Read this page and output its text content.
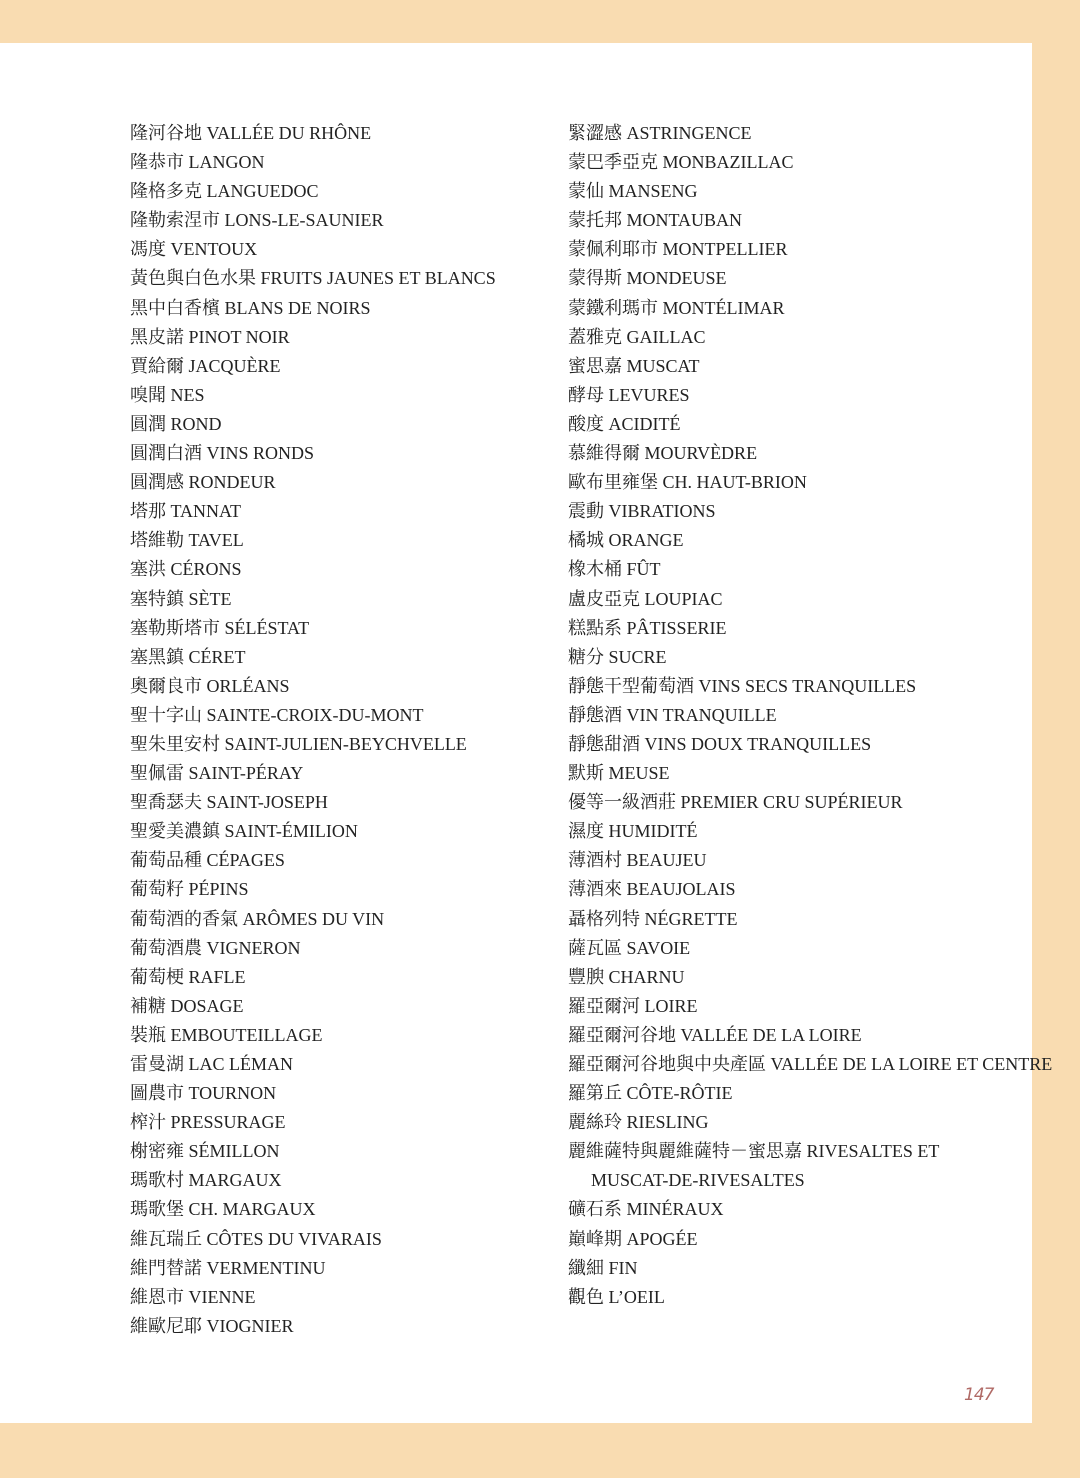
隆河谷地 VALLÉE DU RHÔNE
隆恭市 LANGON
隆格多克 LANGUEDOC
隆勒索涅市 LONS-LE-SAUNIER
馮度 VENTOUX
黃色與白色水果 FRUITS JAUNES ET BLANCS
黑中白香檳 BLANS DE NOIRS
黑皮諾 PINOT NOIR
賈給爾 JACQUÈRE
嗅聞 NES
圓潤 ROND
圓潤白酒 VINS RONDS
圓潤感 RONDEUR
塔那 TANNAT
塔維勒 TAVEL
塞洪 CÉRONS
塞特鎮 SÈTE
塞勒斯塔市 SÉLÉSTAT
塞黑鎮 CÉRET
奧爾良市 ORLÉANS
聖十字山 SAINTE-CROIX-DU-MONT
聖朱里安村 SAINT-JULIEN-BEYCHVELLE
聖佩雷 SAINT-PÉRAY
聖喬瑟夫 SAINT-JOSEPH
聖愛美濃鎮 SAINT-ÉMILION
葡萄品種 CÉPAGES
葡萄籽 PÉPINS
葡萄酒的香氣 ARÔMES DU VIN
葡萄酒農 VIGNERON
葡萄梗 RAFLE
補糖 DOSAGE
裝瓶 EMBOUTEILLAGE
雷曼湖 LAC LÉMAN
圖農市 TOURNON
榨汁 PRESSURAGE
榭密雍 SÉMILLON
瑪歌村 MARGAUX
瑪歌堡 CH. MARGAUX
維瓦瑞丘 CÔTES DU VIVARAIS
維門替諾 VERMENTINU
維恩市 VIENNE
維歐尼耶 VIOGNIER
緊澀感 ASTRINGENCE
蒙巴季亞克 MONBAZILLAC
蒙仙 MANSENG
蒙托邦 MONTAUBAN
蒙佩利耶市 MONTPELLIER
蒙得斯 MONDEUSE
蒙鐵利瑪市 MONTÉLIMAR
蓋雅克 GAILLAC
蜜思嘉 MUSCAT
酵母 LEVURES
酸度 ACIDITÉ
慕維得爾 MOURVÈDRE
歐布里雍堡 CH. HAUT-BRION
震動 VIBRATIONS
橘城 ORANGE
橡木桶 FÛT
盧皮亞克 LOUPIAC
糕點系 PÂTISSERIE
糖分 SUCRE
靜態干型葡萄酒 VINS SECS TRANQUILLES
靜態酒 VIN TRANQUILLE
靜態甜酒 VINS DOUX TRANQUILLES
默斯 MEUSE
優等一級酒莊 PREMIER CRU SUPÉRIEUR
濕度 HUMIDITÉ
薄酒村 BEAUJEU
薄酒來 BEAUJOLAIS
聶格列特 NÉGRETTE
薩瓦區 SAVOIE
豐腴 CHARNU
羅亞爾河 LOIRE
羅亞爾河谷地 VALLÉE DE LA LOIRE
羅亞爾河谷地與中央產區 VALLÉE DE LA LOIRE ET CENTRE
羅第丘 CÔTE-RÔTIE
麗絲玲 RIESLING
麗維薩特與麗維薩特－蜜思嘉 RIVESALTES ET MUSCAT-DE-RIVESALTES
礦石系 MINÉRAUX
巔峰期 APOGÉE
纖細 FIN
觀色 L’OEIL
147
